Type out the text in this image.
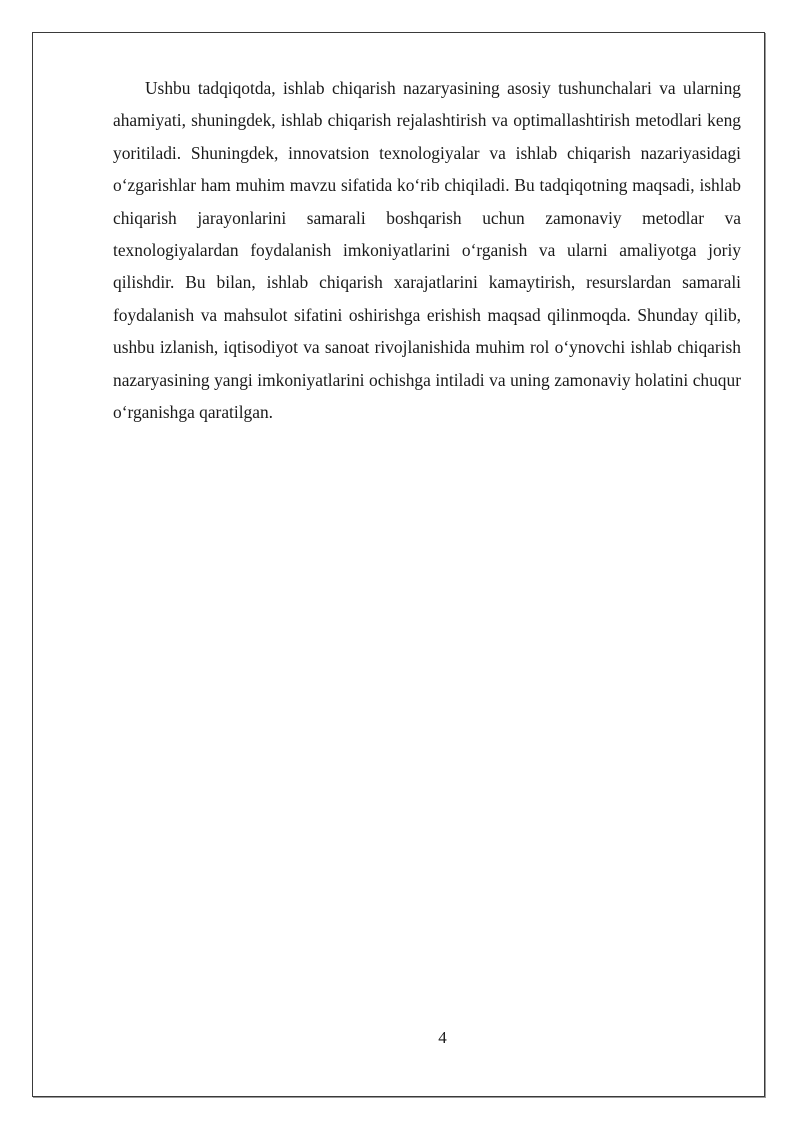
Ushbu tadqiqotda, ishlab chiqarish nazaryasining asosiy tushunchalari va ularning ahamiyati, shuningdek, ishlab chiqarish rejalashtirish va optimallashtirish metodlari keng yoritiladi. Shuningdek, innovatsion texnologiyalar va ishlab chiqarish nazariyasidagi o‘zgarishlar ham muhim mavzu sifatida ko‘rib chiqiladi. Bu tadqiqotning maqsadi, ishlab chiqarish jarayonlarini samarali boshqarish uchun zamonaviy metodlar va texnologiyalardan foydalanish imkoniyatlarini o‘rganish va ularni amaliyotga joriy qilishdir. Bu bilan, ishlab chiqarish xarajatlarini kamaytirish, resurslardan samarali foydalanish va mahsulot sifatini oshirishga erishish maqsad qilinmoqda. Shunday qilib, ushbu izlanish, iqtisodiyot va sanoat rivojlanishida muhim rol o‘ynovchi ishlab chiqarish nazaryasining yangi imkoniyatlarini ochishga intiladi va uning zamonaviy holatini chuqur o‘rganishga qaratilgan.

4
